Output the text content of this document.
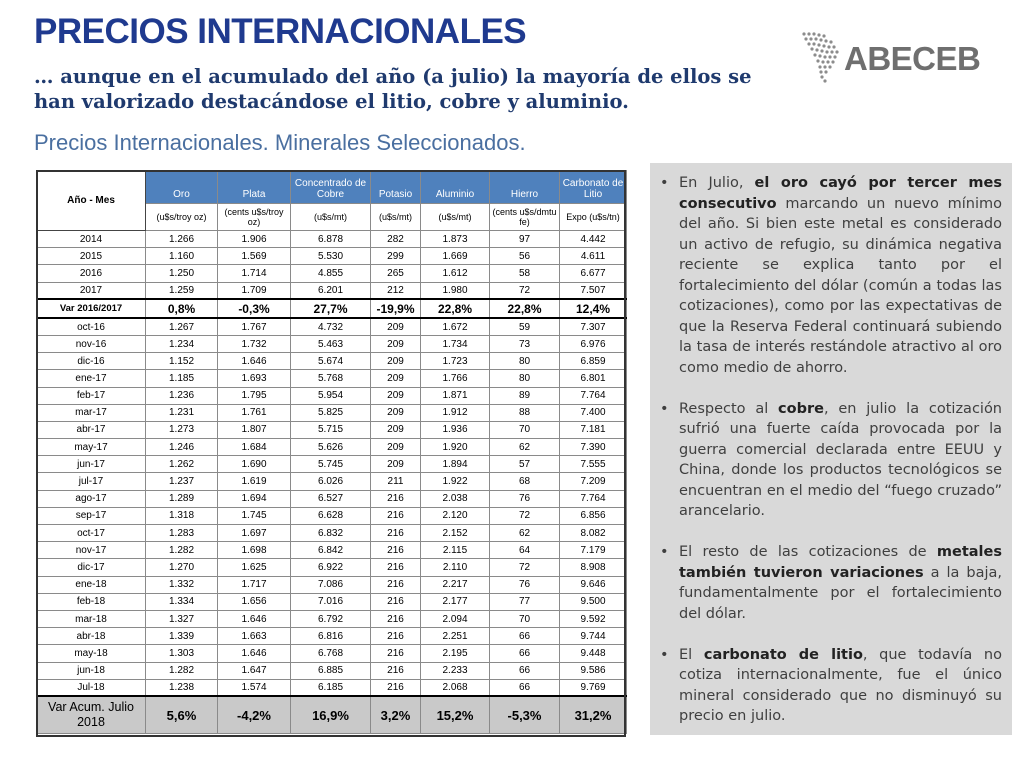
PRECIOS INTERNACIONALES
… aunque en el acumulado del año (a julio) la mayoría de ellos se han valorizado destacándose el litio, cobre y aluminio.
Precios Internacionales. Minerales Seleccionados.
ABECEB
Año - Mes	Oro	Plata	Concentrado de Cobre	Potasio	Aluminio	Hierro	Carbonato de Litio
	(u$s/troy oz)	(cents u$s/troy oz)	(u$s/mt)	(u$s/mt)	(u$s/mt)	(cents u$s/dmtu fe)	Expo (u$s/tn)
2014	1.266	1.906	6.878	282	1.873	97	4.442
2015	1.160	1.569	5.530	299	1.669	56	4.611
2016	1.250	1.714	4.855	265	1.612	58	6.677
2017	1.259	1.709	6.201	212	1.980	72	7.507
Var 2016/2017	0,8%	-0,3%	27,7%	-19,9%	22,8%	22,8%	12,4%
oct-16	1.267	1.767	4.732	209	1.672	59	7.307
nov-16	1.234	1.732	5.463	209	1.734	73	6.976
dic-16	1.152	1.646	5.674	209	1.723	80	6.859
ene-17	1.185	1.693	5.768	209	1.766	80	6.801
feb-17	1.236	1.795	5.954	209	1.871	89	7.764
mar-17	1.231	1.761	5.825	209	1.912	88	7.400
abr-17	1.273	1.807	5.715	209	1.936	70	7.181
may-17	1.246	1.684	5.626	209	1.920	62	7.390
jun-17	1.262	1.690	5.745	209	1.894	57	7.555
jul-17	1.237	1.619	6.026	211	1.922	68	7.209
ago-17	1.289	1.694	6.527	216	2.038	76	7.764
sep-17	1.318	1.745	6.628	216	2.120	72	6.856
oct-17	1.283	1.697	6.832	216	2.152	62	8.082
nov-17	1.282	1.698	6.842	216	2.115	64	7.179
dic-17	1.270	1.625	6.922	216	2.110	72	8.908
ene-18	1.332	1.717	7.086	216	2.217	76	9.646
feb-18	1.334	1.656	7.016	216	2.177	77	9.500
mar-18	1.327	1.646	6.792	216	2.094	70	9.592
abr-18	1.339	1.663	6.816	216	2.251	66	9.744
may-18	1.303	1.646	6.768	216	2.195	66	9.448
jun-18	1.282	1.647	6.885	216	2.233	66	9.586
Jul-18	1.238	1.574	6.185	216	2.068	66	9.769
Var Acum. Julio 2018	5,6%	-4,2%	16,9%	3,2%	15,2%	-5,3%	31,2%
• En Julio, el oro cayó por tercer mes consecutivo marcando un nuevo mínimo del año. Si bien este metal es considerado un activo de refugio, su dinámica negativa reciente se explica tanto por el fortalecimiento del dólar (común a todas las cotizaciones), como por las expectativas de que la Reserva Federal continuará subiendo la tasa de interés restándole atractivo al oro como medio de ahorro.
• Respecto al cobre, en julio la cotización sufrió una fuerte caída provocada por la guerra comercial declarada entre EEUU y China, donde los productos tecnológicos se encuentran en el medio del “fuego cruzado” arancelario.
• El resto de las cotizaciones de metales también tuvieron variaciones a la baja, fundamentalmente por el fortalecimiento del dólar.
• El carbonato de litio, que todavía no cotiza internacionalmente, fue el único mineral considerado que no disminuyó su precio en julio.
